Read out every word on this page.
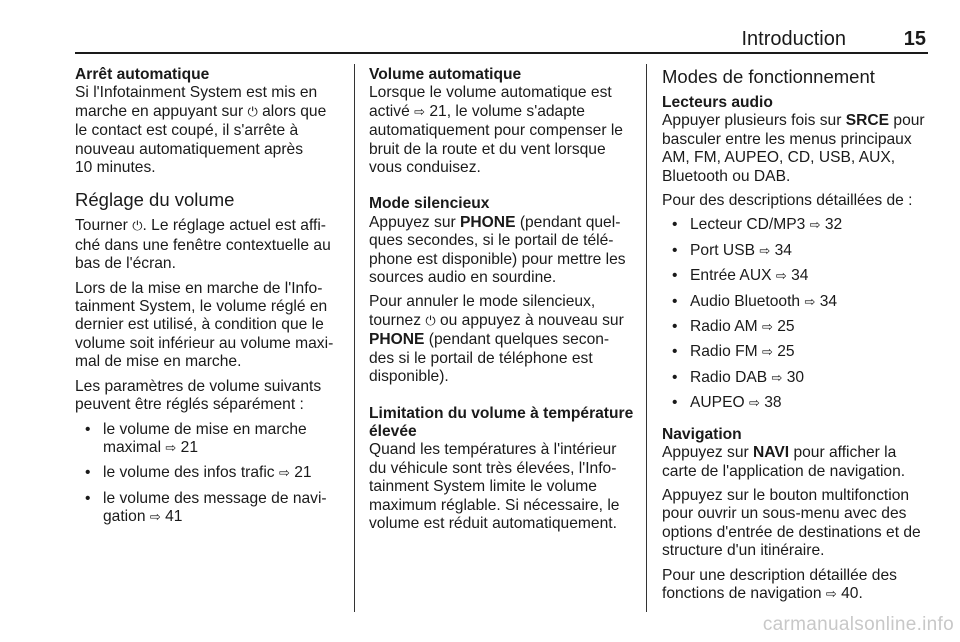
Introduction	15

Arrêt automatique
Si l'Infotainment System est mis en
marche en appuyant sur ⏻ alors que
le contact est coupé, il s'arrête à
nouveau automatiquement après
10 minutes.

Réglage du volume

Tourner ⏻. Le réglage actuel est affi-
ché dans une fenêtre contextuelle au
bas de l'écran.

Lors de la mise en marche de l'Info-
tainment System, le volume réglé en
dernier est utilisé, à condition que le
volume soit inférieur au volume maxi-
mal de mise en marche.

Les paramètres de volume suivants
peuvent être réglés séparément :

• le volume de mise en marche
maximal ⇨ 21
• le volume des infos trafic ⇨ 21
• le volume des message de navi-
gation ⇨ 41

Volume automatique
Lorsque le volume automatique est
activé ⇨ 21, le volume s'adapte
automatiquement pour compenser le
bruit de la route et du vent lorsque
vous conduisez.

Mode silencieux
Appuyez sur PHONE (pendant quel-
ques secondes, si le portail de télé-
phone est disponible) pour mettre les
sources audio en sourdine.

Pour annuler le mode silencieux,
tournez ⏻ ou appuyez à nouveau sur
PHONE (pendant quelques secon-
des si le portail de téléphone est
disponible).

Limitation du volume à température
élevée
Quand les températures à l'intérieur
du véhicule sont très élevées, l'Info-
tainment System limite le volume
maximum réglable. Si nécessaire, le
volume est réduit automatiquement.

Modes de fonctionnement

Lecteurs audio
Appuyer plusieurs fois sur SRCE pour
basculer entre les menus principaux
AM, FM, AUPEO, CD, USB, AUX,
Bluetooth ou DAB.

Pour des descriptions détaillées de :

• Lecteur CD/MP3 ⇨ 32
• Port USB ⇨ 34
• Entrée AUX ⇨ 34
• Audio Bluetooth ⇨ 34
• Radio AM ⇨ 25
• Radio FM ⇨ 25
• Radio DAB ⇨ 30
• AUPEO ⇨ 38

Navigation
Appuyez sur NAVI pour afficher la
carte de l'application de navigation.

Appuyez sur le bouton multifonction
pour ouvrir un sous-menu avec des
options d'entrée de destinations et de
structure d'un itinéraire.

Pour une description détaillée des
fonctions de navigation ⇨ 40.

carmanualsonline.info
